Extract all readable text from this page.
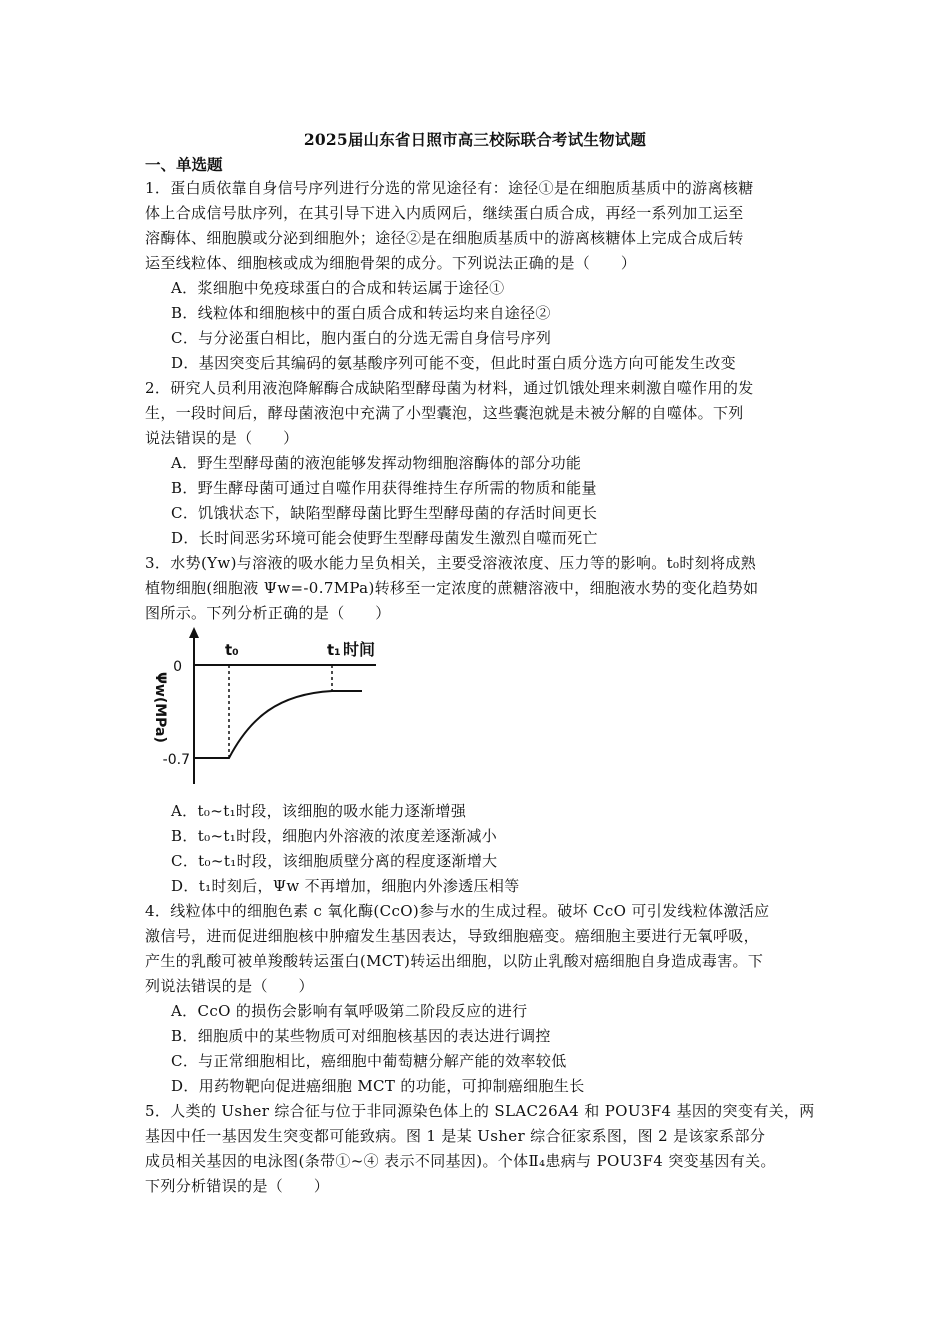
2025届山东省日照市高三校际联合考试生物试题
一、单选题
1．蛋白质依靠自身信号序列进行分选的常见途径有：途径①是在细胞质基质中的游离核糖
体上合成信号肽序列，在其引导下进入内质网后，继续蛋白质合成，再经一系列加工运至
溶酶体、细胞膜或分泌到细胞外；途径②是在细胞质基质中的游离核糖体上完成合成后转
运至线粒体、细胞核或成为细胞骨架的成分。下列说法正确的是（　　）
A．浆细胞中免疫球蛋白的合成和转运属于途径①
B．线粒体和细胞核中的蛋白质合成和转运均来自途径②
C．与分泌蛋白相比，胞内蛋白的分选无需自身信号序列
D．基因突变后其编码的氨基酸序列可能不变，但此时蛋白质分选方向可能发生改变
2．研究人员利用液泡降解酶合成缺陷型酵母菌为材料，通过饥饿处理来刺激自噬作用的发
生，一段时间后，酵母菌液泡中充满了小型囊泡，这些囊泡就是未被分解的自噬体。下列
说法错误的是（　　）
A．野生型酵母菌的液泡能够发挥动物细胞溶酶体的部分功能
B．野生酵母菌可通过自噬作用获得维持生存所需的物质和能量
C．饥饿状态下，缺陷型酵母菌比野生型酵母菌的存活时间更长
D．长时间恶劣环境可能会使野生型酵母菌发生激烈自噬而死亡
3．水势(Yw)与溶液的吸水能力呈负相关，主要受溶液浓度、压力等的影响。t₀时刻将成熟
植物细胞(细胞液 Ψw=-0.7MPa)转移至一定浓度的蔗糖溶液中，细胞液水势的变化趋势如
图所示。下列分析正确的是（　　）
0
-0.7
t₀	t₁ 时间
Ψw(MPa)
A．t₀~t₁时段，该细胞的吸水能力逐渐增强
B．t₀~t₁时段，细胞内外溶液的浓度差逐渐减小
C．t₀~t₁时段，该细胞质壁分离的程度逐渐增大
D．t₁时刻后，Ψw 不再增加，细胞内外渗透压相等
4．线粒体中的细胞色素 c 氧化酶(CcO)参与水的生成过程。破坏 CcO 可引发线粒体激活应
激信号，进而促进细胞核中肿瘤发生基因表达，导致细胞癌变。癌细胞主要进行无氧呼吸，
产生的乳酸可被单羧酸转运蛋白(MCT)转运出细胞，以防止乳酸对癌细胞自身造成毒害。下
列说法错误的是（　　）
A．CcO 的损伤会影响有氧呼吸第二阶段反应的进行
B．细胞质中的某些物质可对细胞核基因的表达进行调控
C．与正常细胞相比，癌细胞中葡萄糖分解产能的效率较低
D．用药物靶向促进癌细胞 MCT 的功能，可抑制癌细胞生长
5．人类的 Usher 综合征与位于非同源染色体上的 SLAC26A4 和 POU3F4 基因的突变有关，两
基因中任一基因发生突变都可能致病。图 1 是某 Usher 综合征家系图，图 2 是该家系部分
成员相关基因的电泳图(条带①~④ 表示不同基因)。个体Ⅱ₄患病与 POU3F4 突变基因有关。
下列分析错误的是（　　）
